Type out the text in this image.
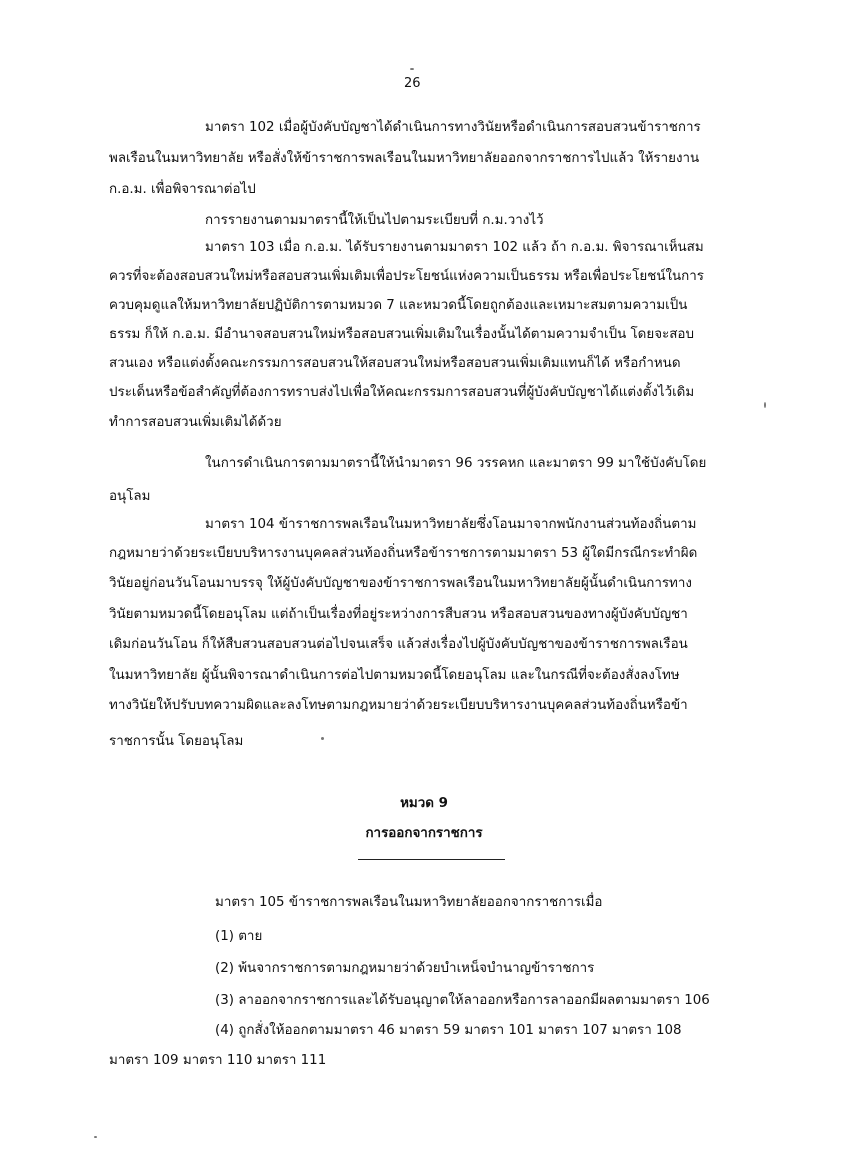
26
มาตรา 102 เมื่อผู้บังคับบัญชาได้ดำเนินการทางวินัยหรือดำเนินการสอบสวนข้าราชการ
พลเรือนในมหาวิทยาลัย หรือสั่งให้ข้าราชการพลเรือนในมหาวิทยาลัยออกจากราชการไปแล้ว ให้รายงาน
ก.อ.ม. เพื่อพิจารณาต่อไป
การรายงานตามมาตรานี้ให้เป็นไปตามระเบียบที่ ก.ม.วางไว้
มาตรา 103 เมื่อ ก.อ.ม. ได้รับรายงานตามมาตรา 102 แล้ว ถ้า ก.อ.ม. พิจารณาเห็นสม
ควรที่จะต้องสอบสวนใหม่หรือสอบสวนเพิ่มเติมเพื่อประโยชน์แห่งความเป็นธรรม หรือเพื่อประโยชน์ในการ
ควบคุมดูแลให้มหาวิทยาลัยปฏิบัติการตามหมวด 7 และหมวดนี้โดยถูกต้องและเหมาะสมตามความเป็น
ธรรม ก็ให้ ก.อ.ม. มีอำนาจสอบสวนใหม่หรือสอบสวนเพิ่มเติมในเรื่องนั้นได้ตามความจำเป็น โดยจะสอบ
สวนเอง หรือแต่งตั้งคณะกรรมการสอบสวนให้สอบสวนใหม่หรือสอบสวนเพิ่มเติมแทนก็ได้ หรือกำหนด
ประเด็นหรือข้อสำคัญที่ต้องการทราบส่งไปเพื่อให้คณะกรรมการสอบสวนที่ผู้บังคับบัญชาได้แต่งตั้งไว้เดิม
ทำการสอบสวนเพิ่มเติมได้ด้วย
ในการดำเนินการตามมาตรานี้ให้นำมาตรา 96 วรรคหก และมาตรา 99 มาใช้บังคับโดย
อนุโลม
มาตรา 104 ข้าราชการพลเรือนในมหาวิทยาลัยซึ่งโอนมาจากพนักงานส่วนท้องถิ่นตาม
กฎหมายว่าด้วยระเบียบบริหารงานบุคคลส่วนท้องถิ่นหรือข้าราชการตามมาตรา 53 ผู้ใดมีกรณีกระทำผิด
วินัยอยู่ก่อนวันโอนมาบรรจุ ให้ผู้บังคับบัญชาของข้าราชการพลเรือนในมหาวิทยาลัยผู้นั้นดำเนินการทาง
วินัยตามหมวดนี้โดยอนุโลม แต่ถ้าเป็นเรื่องที่อยู่ระหว่างการสืบสวน หรือสอบสวนของทางผู้บังคับบัญชา
เดิมก่อนวันโอน ก็ให้สืบสวนสอบสวนต่อไปจนเสร็จ แล้วส่งเรื่องไปผู้บังคับบัญชาของข้าราชการพลเรือน
ในมหาวิทยาลัย ผู้นั้นพิจารณาดำเนินการต่อไปตามหมวดนี้โดยอนุโลม และในกรณีที่จะต้องสั่งลงโทษ
ทางวินัยให้ปรับบทความผิดและลงโทษตามกฎหมายว่าด้วยระเบียบบริหารงานบุคคลส่วนท้องถิ่นหรือข้า
ราชการนั้น โดยอนุโลม
หมวด 9
การออกจากราชการ
มาตรา 105 ข้าราชการพลเรือนในมหาวิทยาลัยออกจากราชการเมื่อ
(1) ตาย
(2) พ้นจากราชการตามกฎหมายว่าด้วยบำเหน็จบำนาญข้าราชการ
(3) ลาออกจากราชการและได้รับอนุญาตให้ลาออกหรือการลาออกมีผลตามมาตรา 106
(4) ถูกสั่งให้ออกตามมาตรา 46 มาตรา 59 มาตรา 101 มาตรา 107 มาตรา 108
มาตรา 109 มาตรา 110 มาตรา 111
